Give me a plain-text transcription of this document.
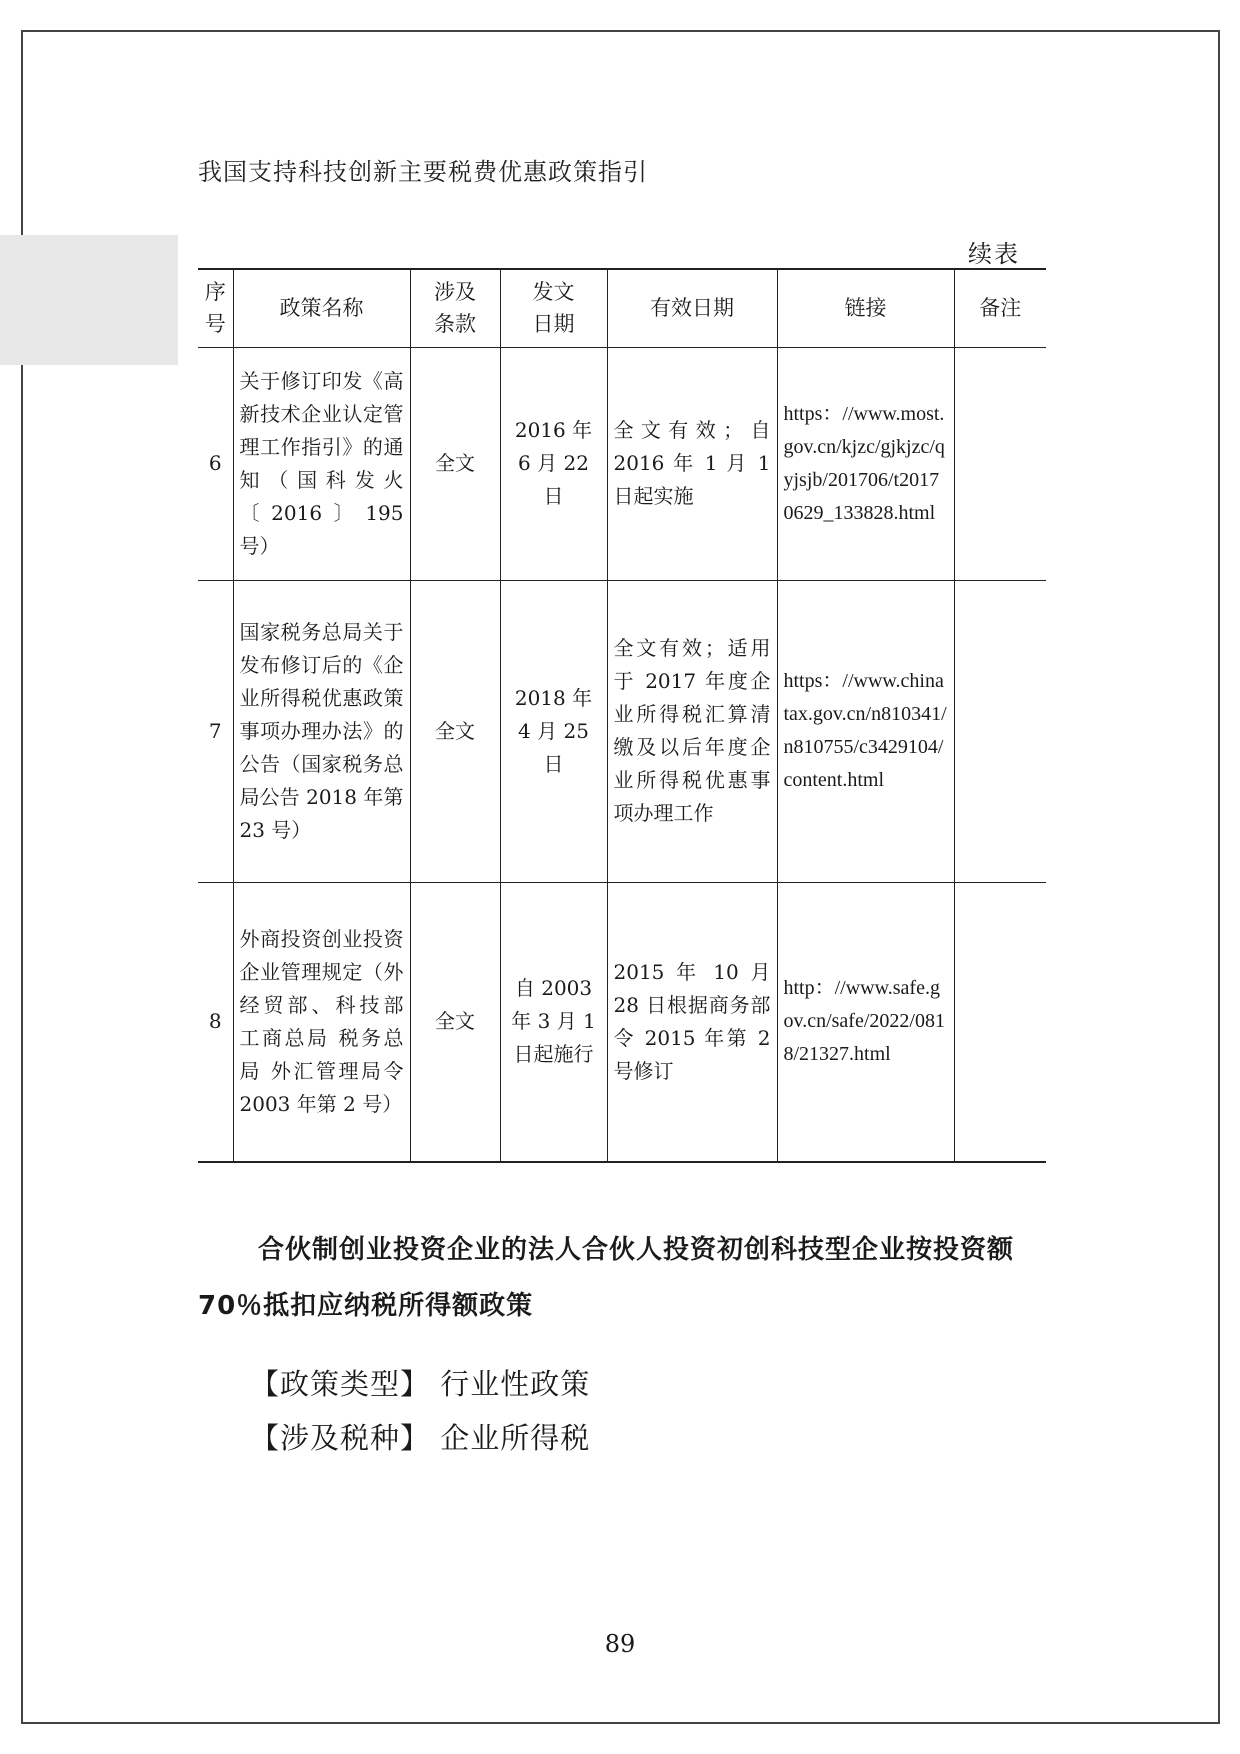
我国支持科技创新主要税费优惠政策指引
续表
序号	政策名称	涉及条款	发文日期	有效日期	链接	备注
6	关于修订印发《高新技术企业认定管理工作指引》的通知（国科发火〔2016〕195 号）	全文	2016 年 6 月 22 日	全文有效；自 2016 年 1 月 1 日起实施	https：//www.most.gov.cn/kjzc/gjkjzc/qyjsjb/201706/t20170629_133828.html	
7	国家税务总局关于发布修订后的《企业所得税优惠政策事项办理办法》的公告（国家税务总局公告 2018 年第 23 号）	全文	2018 年 4 月 25 日	全文有效；适用于 2017 年度企业所得税汇算清缴及以后年度企业所得税优惠事项办理工作	https：//www.chinatax.gov.cn/n810341/n810755/c3429104/content.html	
8	外商投资创业投资企业管理规定（外经贸部、科技部 工商总局 税务总局 外汇管理局令 2003 年第 2 号）	全文	自 2003 年 3 月 1 日起施行	2015 年 10 月 28 日根据商务部令 2015 年第 2 号修订	http：//www.safe.gov.cn/safe/2022/0818/21327.html	
合伙制创业投资企业的法人合伙人投资初创科技型企业按投资额 70％抵扣应纳税所得额政策
【政策类型】 行业性政策
【涉及税种】 企业所得税
89
